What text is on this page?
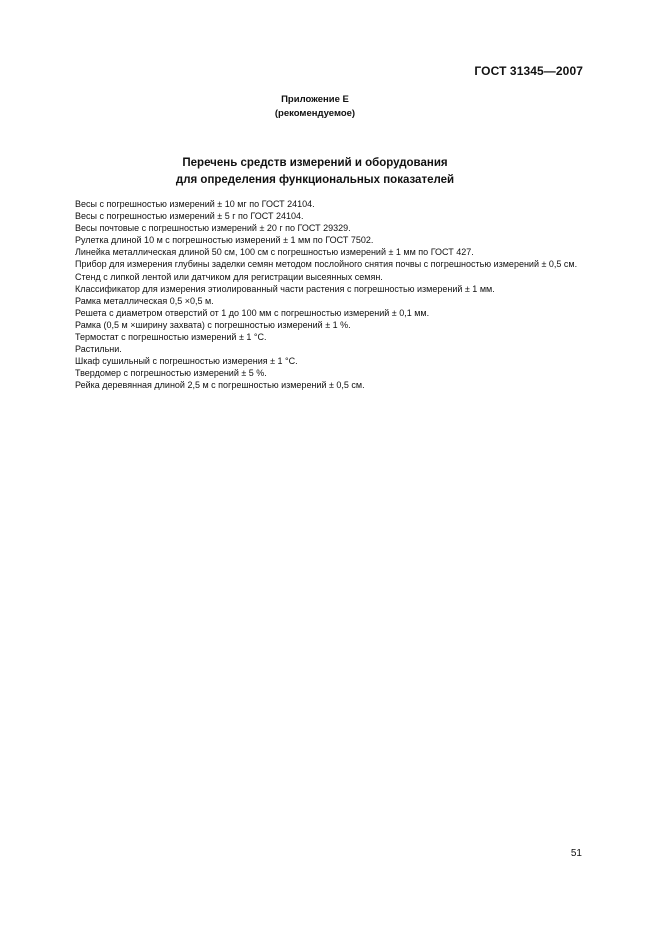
ГОСТ 31345—2007
Приложение Е
(рекомендуемое)
Перечень средств измерений и оборудования
для определения функциональных показателей

Весы с погрешностью измерений ± 10 мг по ГОСТ 24104.

Весы с погрешностью измерений ± 5 г по ГОСТ 24104.

Весы почтовые с погрешностью измерений ± 20 г по ГОСТ 29329.

Рулетка длиной 10 м с погрешностью измерений ± 1 мм по ГОСТ 7502.

Линейка металлическая длиной 50 см, 100 см с погрешностью измерений ± 1 мм по ГОСТ 427.

Прибор для измерения глубины заделки семян методом послойного снятия почвы с погрешностью измерений ± 0,5 см.

Стенд с липкой лентой или датчиком для регистрации высеянных семян.

Классификатор для измерения этиолированный части растения с погрешностью измерений ± 1 мм.

Рамка металлическая 0,5 ×0,5 м.

Решета с диаметром отверстий от 1 до 100 мм с погрешностью измерений ± 0,1 мм.

Рамка (0,5 м ×ширину захвата) с погрешностью измерений ± 1 %.

Термостат с погрешностью измерений ± 1 °С.

Растильни.

Шкаф сушильный с погрешностью измерения ± 1 °С.

Твердомер с погрешностью измерений ± 5 %.

Рейка деревянная длиной 2,5 м с погрешностью измерений ± 0,5 см.

51
